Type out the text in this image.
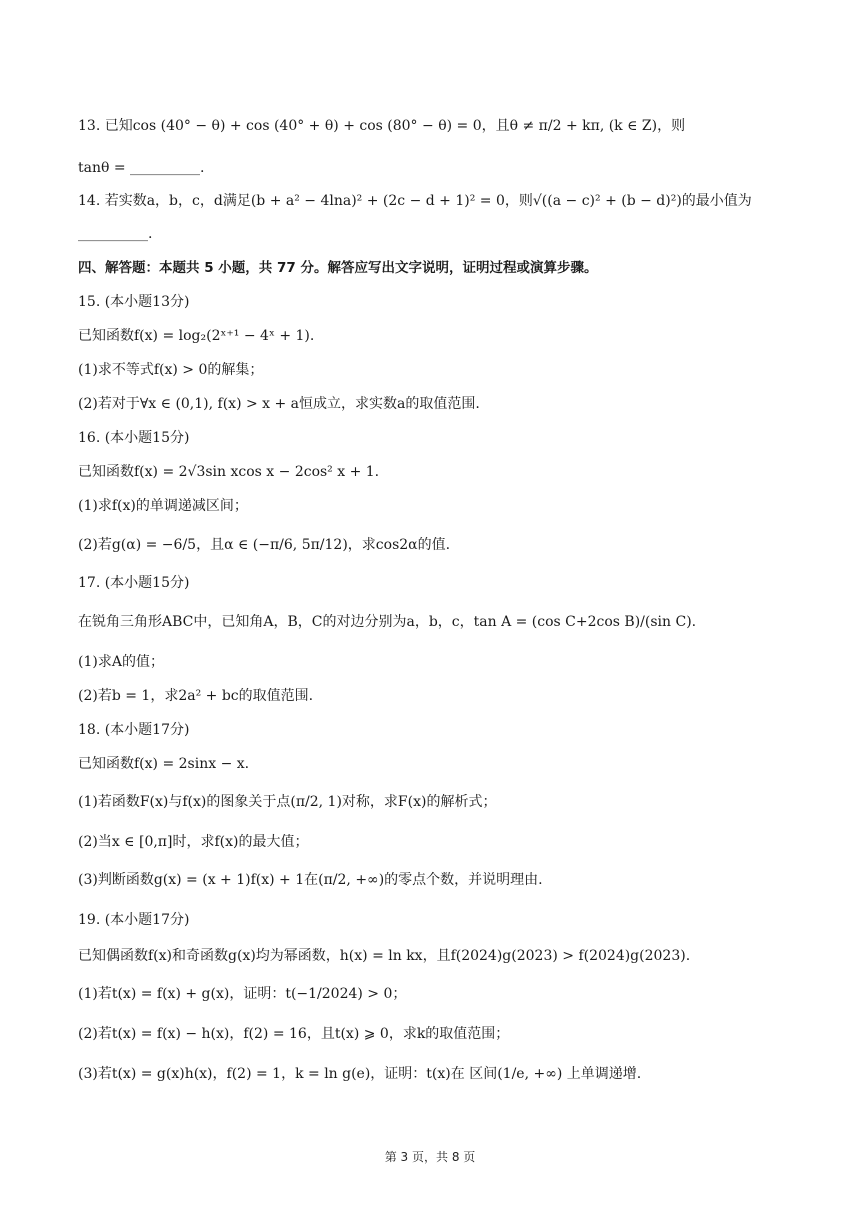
13. 已知cos (40° − θ) + cos (40° + θ) + cos (80° − θ) = 0，且θ ≠ π/2 + kπ, (k ∈ Z)，则
tanθ = __________.
14. 若实数a，b，c，d满足(b + a² − 4lna)² + (2c − d + 1)² = 0，则√((a − c)² + (b − d)²)的最小值为
__________.
四、解答题：本题共 5 小题，共 77 分。解答应写出文字说明，证明过程或演算步骤。
15. (本小题13分)
已知函数f(x) = log₂(2ˣ⁺¹ − 4ˣ + 1).
(1)求不等式f(x) > 0的解集；
(2)若对于∀x ∈ (0,1), f(x) > x + a恒成立，求实数a的取值范围.
16. (本小题15分)
已知函数f(x) = 2√3sin xcos x − 2cos² x + 1.
(1)求f(x)的单调递减区间；
(2)若g(α) = −6/5，且α ∈ (−π/6, 5π/12)，求cos2α的值.
17. (本小题15分)
在锐角三角形ABC中，已知角A，B，C的对边分别为a，b，c，tan A = (cos C+2cos B)/(sin C).
(1)求A的值；
(2)若b = 1，求2a² + bc的取值范围.
18. (本小题17分)
已知函数f(x) = 2sinx − x.
(1)若函数F(x)与f(x)的图象关于点(π/2, 1)对称，求F(x)的解析式；
(2)当x ∈ [0,π]时，求f(x)的最大值；
(3)判断函数g(x) = (x + 1)f(x) + 1在(π/2, +∞)的零点个数，并说明理由.
19. (本小题17分)
已知偶函数f(x)和奇函数g(x)均为幂函数，h(x) = ln kx，且f(2024)g(2023) > f(2024)g(2023).
(1)若t(x) = f(x) + g(x)，证明：t(−1/2024) > 0；
(2)若t(x) = f(x) − h(x)，f(2) = 16，且t(x) ⩾ 0，求k的取值范围；
(3)若t(x) = g(x)h(x)，f(2) = 1，k = ln g(e)，证明：t(x)在 区间(1/e, +∞) 上单调递增.
第 3 页，共 8 页
